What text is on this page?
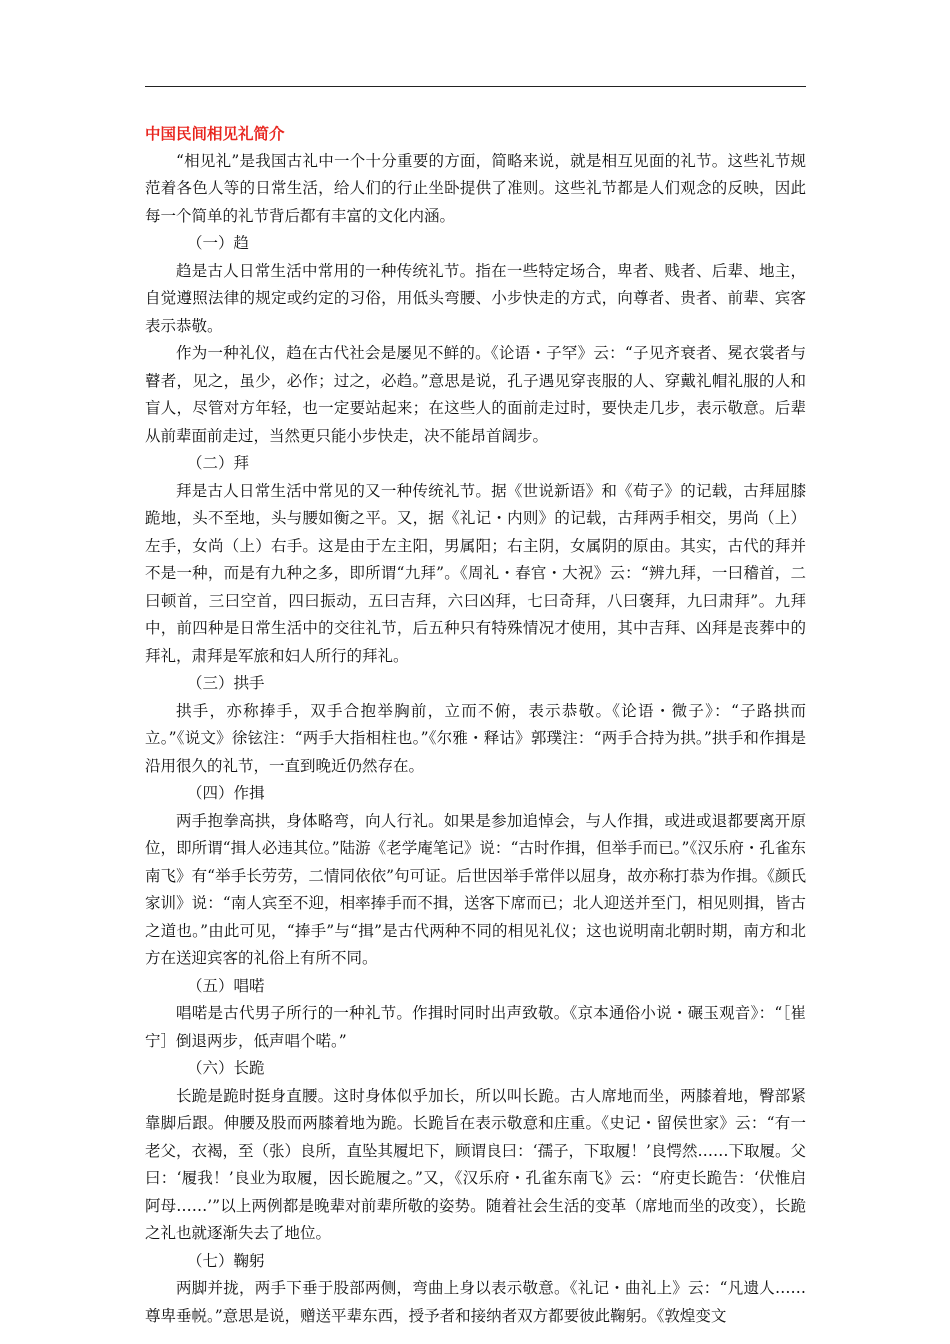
中国民间相见礼简介

“相见礼”是我国古礼中一个十分重要的方面，简略来说，就是相互见面的礼节。这些礼节规范着各色人等的日常生活，给人们的行止坐卧提供了准则。这些礼节都是人们观念的反映，因此每一个简单的礼节背后都有丰富的文化内涵。

（一）趋

趋是古人日常生活中常用的一种传统礼节。指在一些特定场合，卑者、贱者、后辈、地主，自觉遵照法律的规定或约定的习俗，用低头弯腰、小步快走的方式，向尊者、贵者、前辈、宾客表示恭敬。

作为一种礼仪，趋在古代社会是屡见不鲜的。《论语・子罕》云：“子见齐衰者、冕衣裳者与瞽者，见之，虽少，必作；过之，必趋。”意思是说，孔子遇见穿丧服的人、穿戴礼帽礼服的人和盲人，尽管对方年轻，也一定要站起来；在这些人的面前走过时，要快走几步，表示敬意。后辈从前辈面前走过，当然更只能小步快走，决不能昂首阔步。

（二）拜

拜是古人日常生活中常见的又一种传统礼节。据《世说新语》和《荀子》的记载，古拜屈膝跪地，头不至地，头与腰如衡之平。又，据《礼记・内则》的记载，古拜两手相交，男尚（上）左手，女尚（上）右手。这是由于左主阳，男属阳；右主阴，女属阴的原由。其实，古代的拜并不是一种，而是有九种之多，即所谓“九拜”。《周礼・春官・大祝》云：“辨九拜，一曰稽首，二曰顿首，三曰空首，四曰振动，五曰吉拜，六曰凶拜，七曰奇拜，八曰褒拜，九曰肃拜”。九拜中，前四种是日常生活中的交往礼节，后五种只有特殊情况才使用，其中吉拜、凶拜是丧葬中的拜礼，肃拜是军旅和妇人所行的拜礼。

（三）拱手

拱手，亦称捧手，双手合抱举胸前，立而不俯，表示恭敬。《论语・微子》：“子路拱而立。”《说文》徐铉注：“两手大指相柱也。”《尔雅・释诂》郭璞注：“两手合持为拱。”拱手和作揖是沿用很久的礼节，一直到晚近仍然存在。

（四）作揖

两手抱拳高拱，身体略弯，向人行礼。如果是参加追悼会，与人作揖，或进或退都要离开原位，即所谓“揖人必违其位。”陆游《老学庵笔记》说：“古时作揖，但举手而已。”《汉乐府・孔雀东南飞》有“举手长劳劳，二情同依依”句可证。后世因举手常伴以屈身，故亦称打恭为作揖。《颜氏家训》说：“南人宾至不迎，相率捧手而不揖，送客下席而已；北人迎送并至门，相见则揖，皆古之道也。”由此可见，“捧手”与“揖”是古代两种不同的相见礼仪；这也说明南北朝时期，南方和北方在送迎宾客的礼俗上有所不同。

（五）唱喏

唱喏是古代男子所行的一种礼节。作揖时同时出声致敬。《京本通俗小说・碾玉观音》：“［崔宁］倒退两步，低声唱个喏。”

（六）长跪

长跪是跪时挺身直腰。这时身体似乎加长，所以叫长跪。古人席地而坐，两膝着地，臀部紧靠脚后跟。伸腰及股而两膝着地为跪。长跪旨在表示敬意和庄重。《史记・留侯世家》云：“有一老父，衣褐，至（张）良所，直坠其履圯下，顾谓良曰：‘孺子，下取履！’良愕然……下取履。父曰：‘履我！’良业为取履，因长跪履之。”又，《汉乐府・孔雀东南飞》云：“府吏长跪告：‘伏惟启阿母……’”以上两例都是晚辈对前辈所敬的姿势。随着社会生活的变革（席地而坐的改变），长跪之礼也就逐渐失去了地位。

（七）鞠躬

两脚并拢，两手下垂于股部两侧，弯曲上身以表示敬意。《礼记・曲礼上》云：“凡遗人……尊卑垂帨。”意思是说，赠送平辈东西，授予者和接纳者双方都要彼此鞠躬。《敦煌变文
